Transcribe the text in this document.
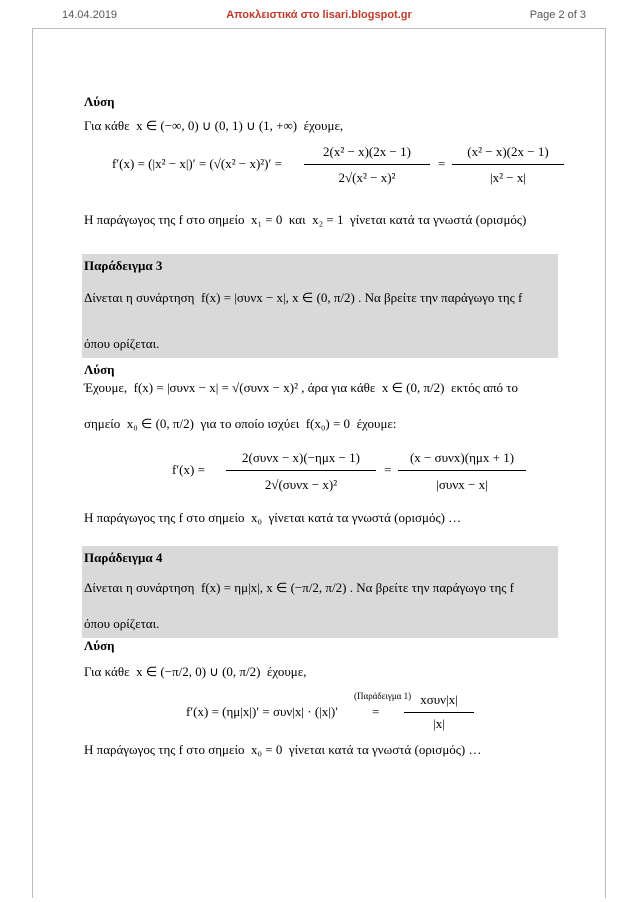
14.04.2019	Αποκλειστικά στο lisari.blogspot.gr	Page 2 of 3
Λύση
Για κάθε x ∈ (−∞, 0) ∪ (0, 1) ∪ (1, +∞) έχουμε,
f′(x) = (|x² − x|)′ = (√(x² − x)²)′ =
2(x² − x)(2x − 1)
2√(x² − x)²
=
(x² − x)(2x − 1)
|x² − x|
Η παράγωγος της f στο σημείο x₁ = 0 και x₂ = 1 γίνεται κατά τα γνωστά (ορισμός)
Παράδειγμα 3
Δίνεται η συνάρτηση f(x) = |συνx − x|, x ∈ (0, π/2) . Να βρείτε την παράγωγο της f
όπου ορίζεται.
Λύση
Έχουμε, f(x) = |συνx − x| = √(συνx − x)² , άρα για κάθε x ∈ (0, π/2) εκτός από το
σημείο x₀ ∈ (0, π/2) για το οποίο ισχύει f(x₀) = 0 έχουμε:
f′(x) =
2(συνx − x)(−ημx − 1)
2√(συνx − x)²
=
(x − συνx)(ημx + 1)
|συνx − x|
Η παράγωγος της f στο σημείο x₀ γίνεται κατά τα γνωστά (ορισμός) …
Παράδειγμα 4
Δίνεται η συνάρτηση f(x) = ημ|x|, x ∈ (−π/2, π/2) . Να βρείτε την παράγωγο της f
όπου ορίζεται.
Λύση
Για κάθε x ∈ (−π/2, 0) ∪ (0, π/2) έχουμε,
f′(x) = (ημ|x|)′ = συν|x| · (|x|)′
(Παράδειγμα 1)
=
xσυν|x|
|x|
Η παράγωγος της f στο σημείο x₀ = 0 γίνεται κατά τα γνωστά (ορισμός) …
